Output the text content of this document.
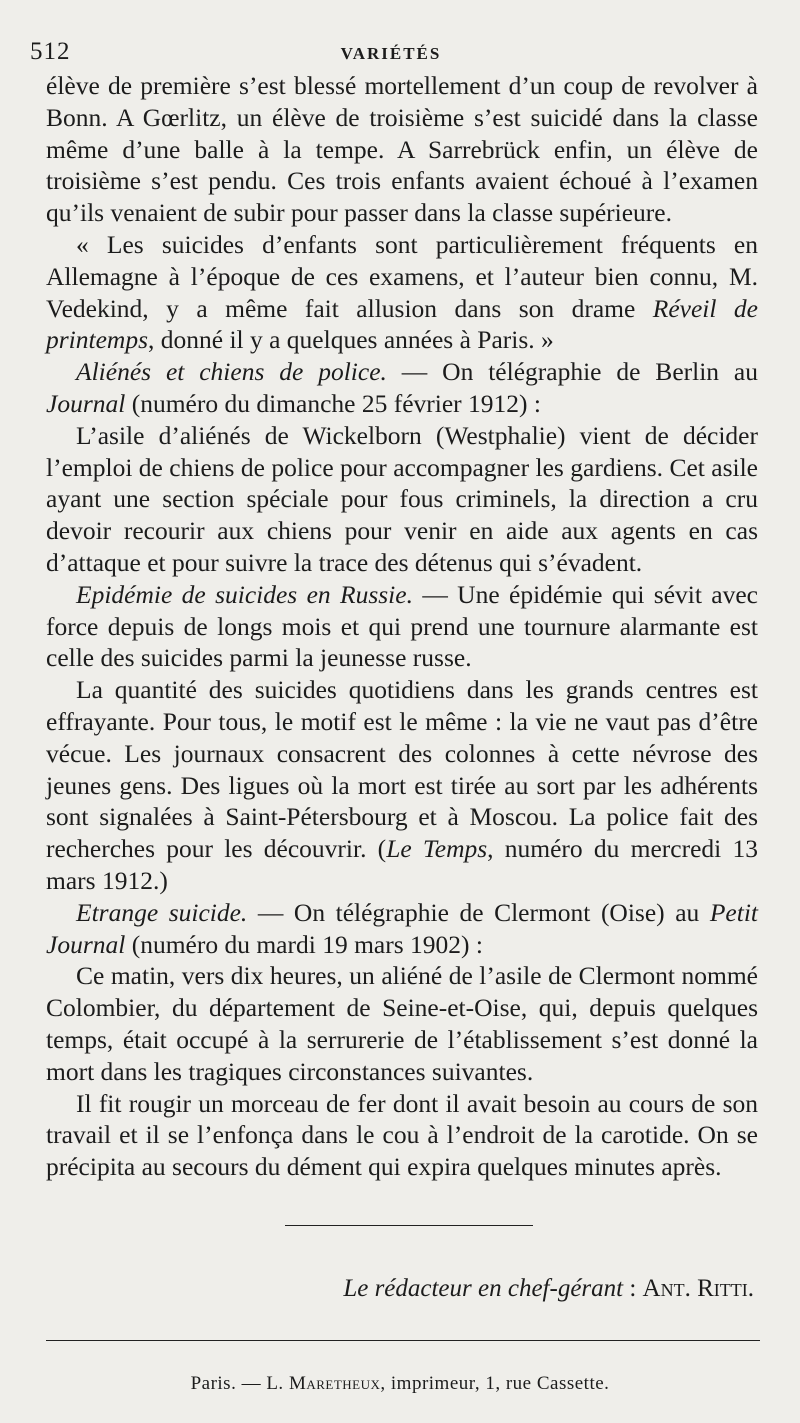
512	VARIÉTÉS

élève de première s’est blessé mortellement d’un coup de revolver à Bonn. A Gœrlitz, un élève de troisième s’est suicidé dans la classe même d’une balle à la tempe. A Sarrebrück enfin, un élève de troisième s’est pendu. Ces trois enfants avaient échoué à l’examen qu’ils venaient de subir pour passer dans la classe supérieure.

« Les suicides d’enfants sont particulièrement fréquents en Allemagne à l’époque de ces examens, et l’auteur bien connu, M. Vedekind, y a même fait allusion dans son drame Réveil de printemps, donné il y a quelques années à Paris. »

Aliénés et chiens de police. — On télégraphie de Berlin au Journal (numéro du dimanche 25 février 1912) :

L’asile d’aliénés de Wickelborn (Westphalie) vient de décider l’emploi de chiens de police pour accompagner les gardiens. Cet asile ayant une section spéciale pour fous criminels, la direction a cru devoir recourir aux chiens pour venir en aide aux agents en cas d’attaque et pour suivre la trace des détenus qui s’évadent.

Epidémie de suicides en Russie. — Une épidémie qui sévit avec force depuis de longs mois et qui prend une tournure alarmante est celle des suicides parmi la jeunesse russe.

La quantité des suicides quotidiens dans les grands centres est effrayante. Pour tous, le motif est le même : la vie ne vaut pas d’être vécue. Les journaux consacrent des colonnes à cette névrose des jeunes gens. Des ligues où la mort est tirée au sort par les adhérents sont signalées à Saint-Pétersbourg et à Moscou. La police fait des recherches pour les découvrir. (Le Temps, numéro du mercredi 13 mars 1912.)

Etrange suicide. — On télégraphie de Clermont (Oise) au Petit Journal (numéro du mardi 19 mars 1902) :

Ce matin, vers dix heures, un aliéné de l’asile de Clermont nommé Colombier, du département de Seine-et-Oise, qui, depuis quelques temps, était occupé à la serrurerie de l’établissement s’est donné la mort dans les tragiques circonstances suivantes.

Il fit rougir un morceau de fer dont il avait besoin au cours de son travail et il se l’enfonça dans le cou à l’endroit de la carotide. On se précipita au secours du dément qui expira quelques minutes après.

Le rédacteur en chef-gérant : Ant. Ritti.
Paris. — L. Maretheux, imprimeur, 1, rue Cassette.
